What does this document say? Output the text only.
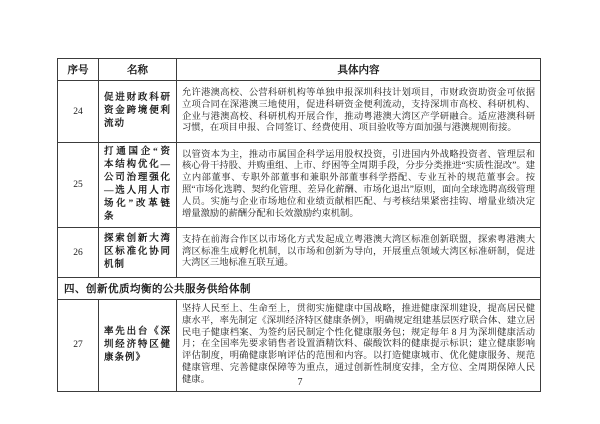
序号	名称	具体内容
24	促进财政科研资金跨境便利流动	允许港澳高校、公营科研机构等单独申报深圳科技计划项目，市财政资助资金可依据立项合同在深港澳三地使用，促进科研资金便利流动，支持深圳市高校、科研机构、企业与港澳高校、科研机构开展合作，推动粤港澳大湾区产学研融合。适应港澳科研习惯，在项目申报、合同签订、经费使用、项目验收等方面加强与港澳规则衔接。
25	打通国企“资本结构优化—公司治理强化—选人用人市场化”改革链条	以管资本为主，推动市属国企科学运用股权投资，引进国内外战略投资者、管理层和核心骨干持股、并购重组、上市、纾困等全周期手段，分步分类推进“实质性混改”。建立内部董事、专职外部董事和兼职外部董事科学搭配、专业互补的规范董事会。按照“市场化选聘、契约化管理、差异化薪酬、市场化退出”原则，面向全球选聘高级管理人员。实施与企业市场地位和业绩贡献相匹配、与考核结果紧密挂钩、增量业绩决定增量激励的薪酬分配和长效激励约束机制。
26	探索创新大湾区标准化协同机制	支持在前海合作区以市场化方式发起成立粤港澳大湾区标准创新联盟，探索粤港澳大湾区标准生成孵化机制，以市场和创新为导向，开展重点领域大湾区标准研制，促进大湾区三地标准互联互通。
四、创新优质均衡的公共服务供给体制		
27	率先出台《深圳经济特区健康条例》	坚持人民至上、生命至上，贯彻实施健康中国战略，推进健康深圳建设，提高居民健康水平，率先制定《深圳经济特区健康条例》，明确规定组建基层医疗联合体、建立居民电子健康档案、为签约居民制定个性化健康服务包；规定每年 8 月为深圳健康活动月；在全国率先要求销售者设置酒精饮料、碳酸饮料的健康提示标识；建立健康影响评估制度，明确健康影响评估的范围和内容。以打造健康城市、优化健康服务、规范健康管理、完善健康保障等为重点，通过创新性制度安排，全方位、全周期保障人民健康。	7
